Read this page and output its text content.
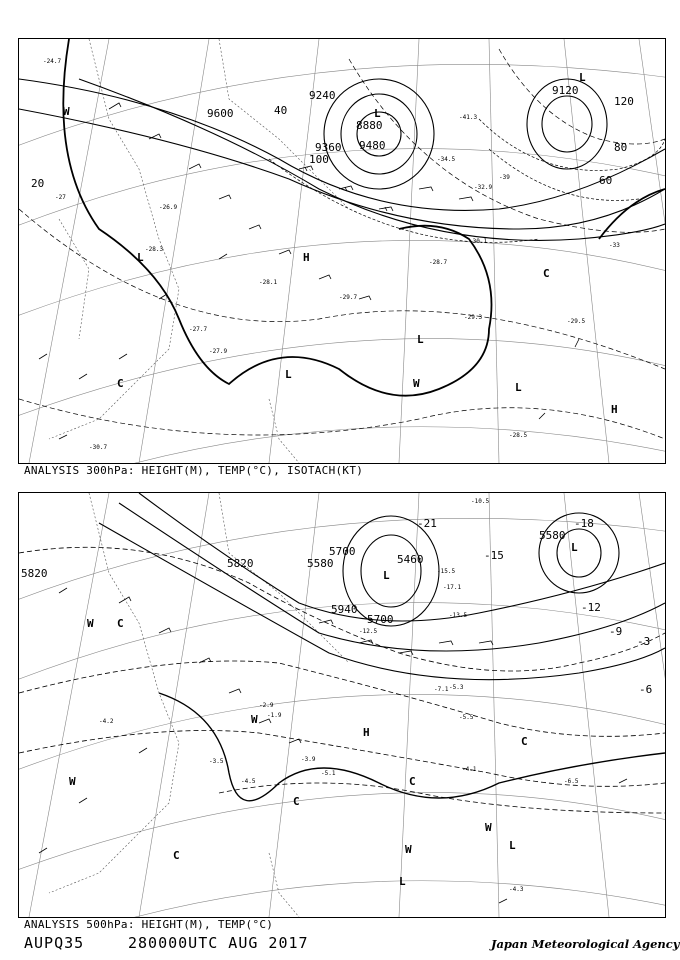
9120
9240
8880
9600
9360 9480
20
40
60
80
100
120
L
L
L
L
L
L
H
H
W
W
C
C
-24.7
-28.3
-27.7
-27.9
-29.3
-30.1
-28.5
-28.7
-29.5
-32.9
-34.5
-41.3
-30.7
-27
-33
-39
-29.7
-28.1
-26.9
ANALYSIS 300hPa: HEIGHT(M), TEMP(°C), ISOTACH(KT)
5820
5580
5700
5820
5940
5460
5580
5700
-3
-6
-9
-12
-15
-18
-21
L
L
L
L
H
W
W
W
W
W
C
C
C
C
C
-4.2
-3.9
-3.5
-4.5
-5.1
-5.5
-4.3
-6.5
-4.1
-7.1
-15.5
-17.1
-13.5
-12.5
-10.5
-5.3
-2.9
-1.9
ANALYSIS 500hPa: HEIGHT(M), TEMP(°C)
AUPQ35	280000UTC AUG 2017	Japan Meteorological Agency
